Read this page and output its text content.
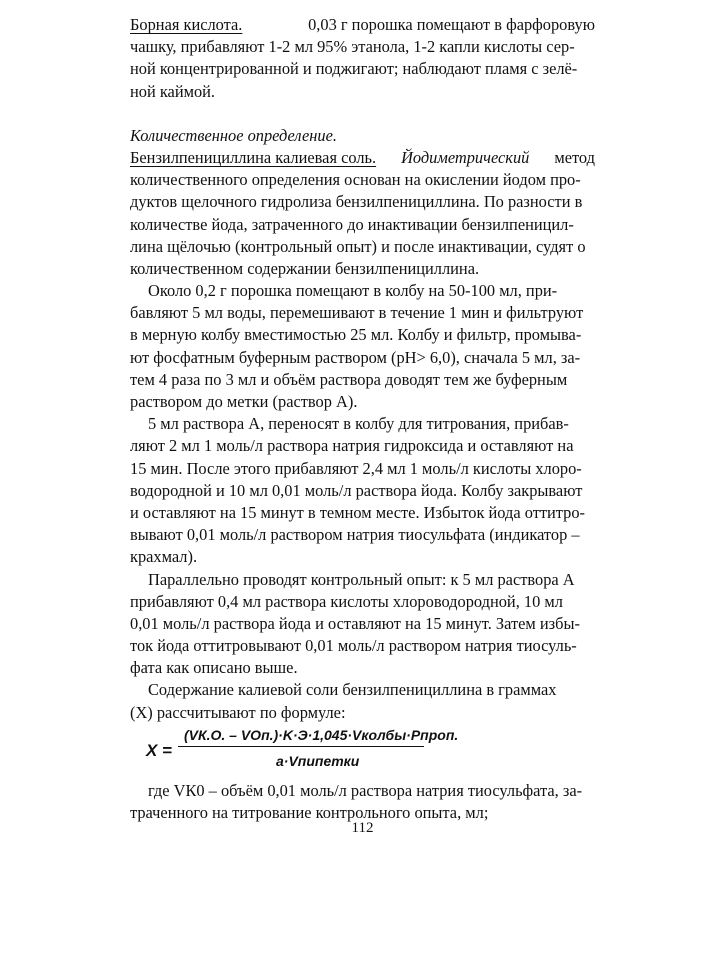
Борная кислота.	0,03 г порошка помещают в фарфоровую
чашку, прибавляют 1-2 мл 95% этанола, 1-2 капли кислоты сер-
ной концентрированной и поджигают; наблюдают пламя с зелё-
ной каймой.
Количественное определение.
Бензилпенициллина калиевая соль. Йодиметрический метод
количественного определения основан на окислении йодом про-
дуктов щелочного гидролиза бензилпенициллина. По разности в
количестве йода, затраченного до инактивации бензилпеницил-
лина щёлочью (контрольный опыт) и после инактивации, судят о
количественном содержании бензилпенициллина.
Около 0,2 г порошка помещают в колбу на 50-100 мл, при-
бавляют 5 мл воды, перемешивают в течение 1 мин и фильтруют
в мерную колбу вместимостью 25 мл. Колбу и фильтр, промыва-
ют фосфатным буферным раствором (pH> 6,0), сначала 5 мл, за-
тем 4 раза по 3 мл и объём раствора доводят тем же буферным
раствором до метки (раствор А).
5 мл раствора А, переносят в колбу для титрования, прибав-
ляют 2 мл 1 моль/л раствора натрия гидроксида и оставляют на
15 мин. После этого прибавляют 2,4 мл 1 моль/л кислоты хлоро-
водородной и 10 мл 0,01 моль/л раствора йода. Колбу закрывают
и оставляют на 15 минут в темном месте. Избыток йода оттитро-
вывают 0,01 моль/л раствором натрия тиосульфата (индикатор –
крахмал).
Параллельно проводят контрольный опыт: к 5 мл раствора А
прибавляют 0,4 мл раствора кислоты хлороводородной, 10 мл
0,01 моль/л раствора йода и оставляют на 15 минут. Затем избы-
ток йода оттитровывают 0,01 моль/л раствором натрия тиосуль-
фата как описано выше.
Содержание калиевой соли бензилпенициллина в граммах
(Х) рассчитывают по формуле:
X =
(VК.О. – VОп.)·K·Э·1,045·Vколбы·Pпроп.
a·Vпипетки
где VК0 – объём 0,01 моль/л раствора натрия тиосульфата, за-
траченного на титрование контрольного опыта, мл;
112
